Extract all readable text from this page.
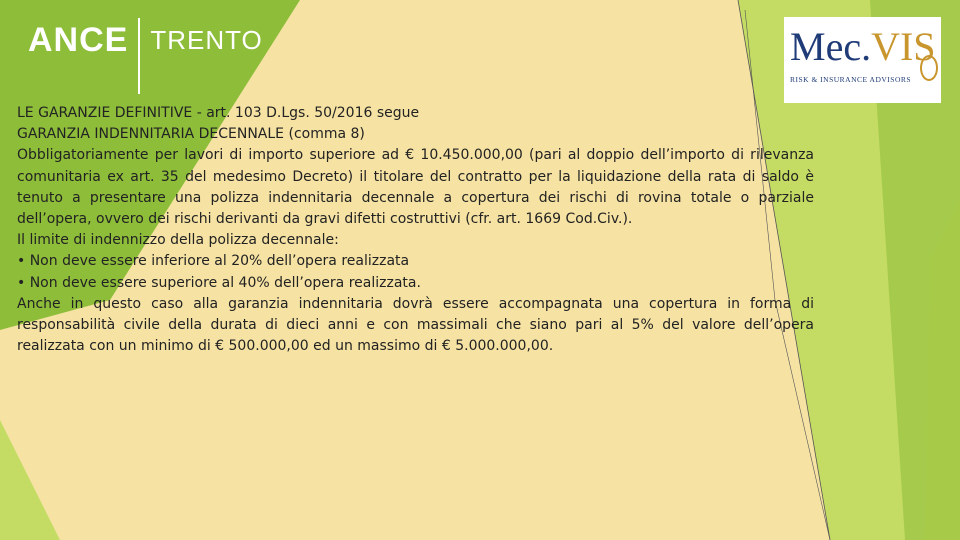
ANCE TRENTO	Mec.VIS
RISK & INSURANCE ADVISORS

LE GARANZIE DEFINITIVE - art. 103 D.Lgs. 50/2016 segue

GARANZIA INDENNITARIA DECENNALE (comma 8)

Obbligatoriamente per lavori di importo superiore ad € 10.450.000,00 (pari al doppio dell’importo di rilevanza comunitaria ex art. 35 del medesimo Decreto) il titolare del contratto per la liquidazione della rata di saldo è tenuto a presentare una polizza indennitaria decennale a copertura dei rischi di rovina totale o parziale dell’opera, ovvero dei rischi derivanti da gravi difetti costruttivi (cfr. art. 1669 Cod.Civ.).

Il limite di indennizzo della polizza decennale:

• Non deve essere inferiore al 20% dell’opera realizzata

• Non deve essere superiore al 40% dell’opera realizzata.

Anche in questo caso alla garanzia indennitaria dovrà essere accompagnata una copertura in forma di responsabilità civile della durata di dieci anni e con massimali che siano pari al 5% del valore dell’opera realizzata con un minimo di € 500.000,00 ed un massimo di € 5.000.000,00.
